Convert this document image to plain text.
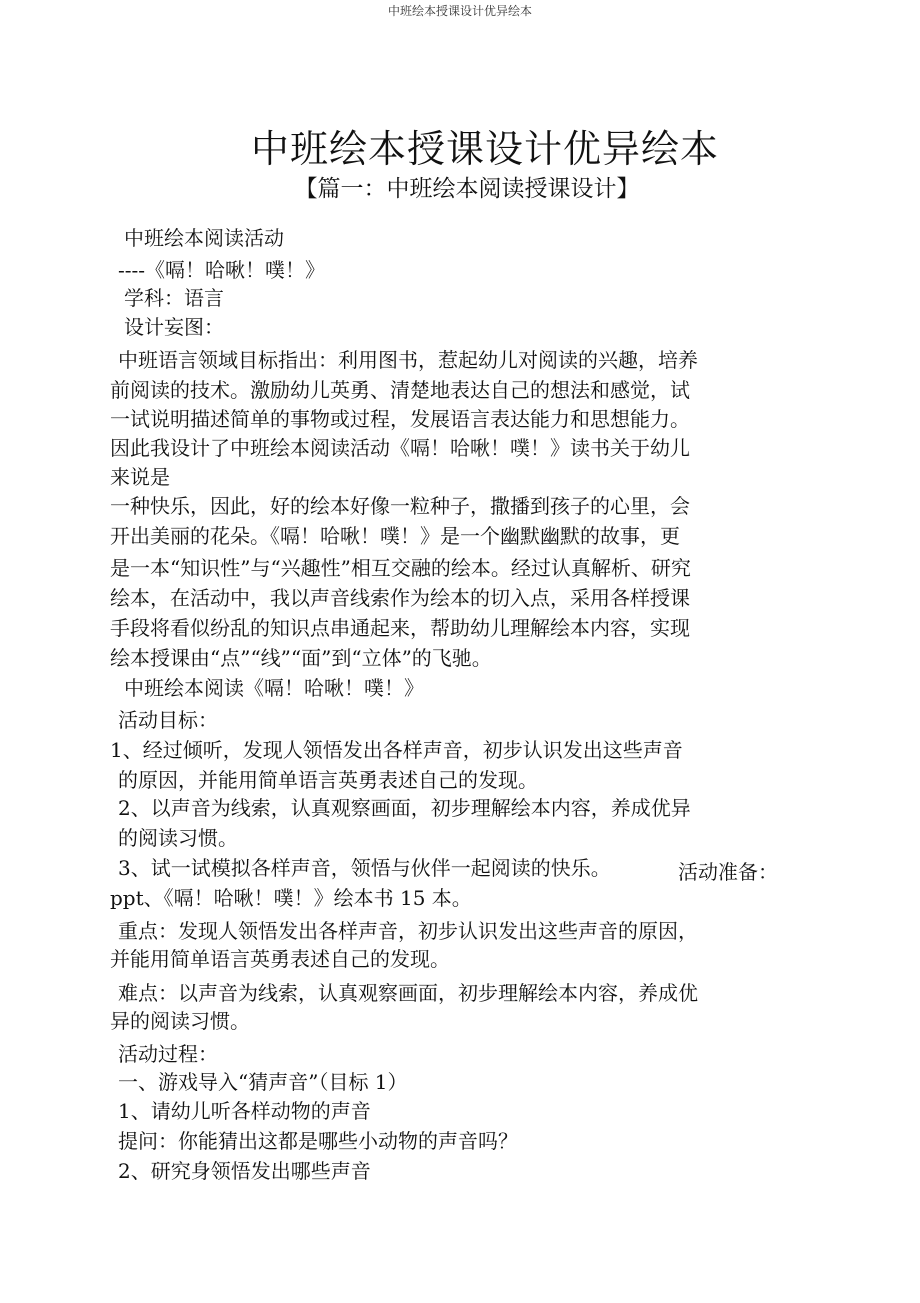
中班绘本授课设计优异绘本
中班绘本授课设计优异绘本
【篇一：中班绘本阅读授课设计】
中班绘本阅读活动
----《嗝！哈啾！噗！》
学科：语言
设计妄图：
中班语言领域目标指出：利用图书，惹起幼儿对阅读的兴趣，培养
前阅读的技术。激励幼儿英勇、清楚地表达自己的想法和感觉，试
一试说明描述简单的事物或过程，发展语言表达能力和思想能力。
因此我设计了中班绘本阅读活动《嗝！哈啾！噗！》读书关于幼儿
来说是
一种快乐，因此，好的绘本好像一粒种子，撒播到孩子的心里，会
开出美丽的花朵。《嗝！哈啾！噗！》是一个幽默幽默的故事，更
是一本“知识性”与“兴趣性”相互交融的绘本。经过认真解析、研究
绘本，在活动中，我以声音线索作为绘本的切入点，采用各样授课
手段将看似纷乱的知识点串通起来，帮助幼儿理解绘本内容，实现
绘本授课由“点”“线”“面”到“立体”的飞驰。
中班绘本阅读《嗝！哈啾！噗！》
活动目标：
1、经过倾听，发现人领悟发出各样声音，初步认识发出这些声音
的原因，并能用简单语言英勇表述自己的发现。
2、以声音为线索，认真观察画面，初步理解绘本内容，养成优异
的阅读习惯。
3、试一试模拟各样声音，领悟与伙伴一起阅读的快乐。	活动准备：
ppt、《嗝！哈啾！噗！》绘本书 15 本。
重点：发现人领悟发出各样声音，初步认识发出这些声音的原因，
并能用简单语言英勇表述自己的发现。
难点：以声音为线索，认真观察画面，初步理解绘本内容，养成优
异的阅读习惯。
活动过程：
一、游戏导入“猜声音”（目标 1）
1、请幼儿听各样动物的声音
提问：你能猜出这都是哪些小动物的声音吗？
2、研究身领悟发出哪些声音
